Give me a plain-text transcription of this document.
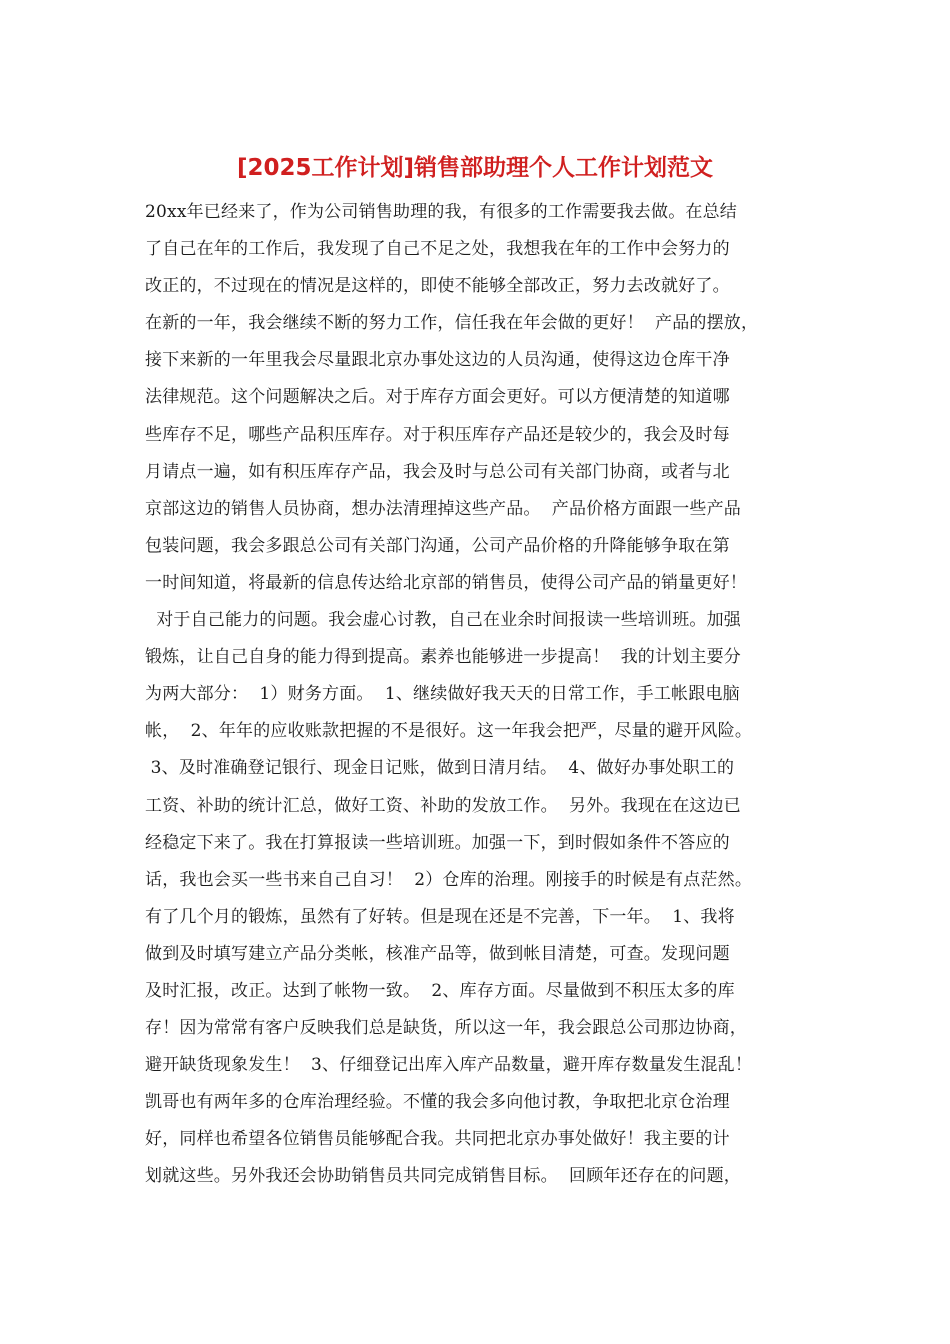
[2025工作计划]销售部助理个人工作计划范文
20xx年已经来了，作为公司销售助理的我，有很多的工作需要我去做。在总结
了自己在年的工作后，我发现了自己不足之处，我想我在年的工作中会努力的
改正的，不过现在的情况是这样的，即使不能够全部改正，努力去改就好了。
在新的一年，我会继续不断的努力工作，信任我在年会做的更好！  产品的摆放，
接下来新的一年里我会尽量跟北京办事处这边的人员沟通，使得这边仓库干净
法律规范。这个问题解决之后。对于库存方面会更好。可以方便清楚的知道哪
些库存不足，哪些产品积压库存。对于积压库存产品还是较少的，我会及时每
月请点一遍，如有积压库存产品，我会及时与总公司有关部门协商，或者与北
京部这边的销售人员协商，想办法清理掉这些产品。  产品价格方面跟一些产品
包装问题，我会多跟总公司有关部门沟通，公司产品价格的升降能够争取在第
一时间知道，将最新的信息传达给北京部的销售员，使得公司产品的销量更好！
对于自己能力的问题。我会虚心讨教，自己在业余时间报读一些培训班。加强
锻炼，让自己自身的能力得到提高。素养也能够进一步提高！  我的计划主要分
为两大部分：  1）财务方面。  1、继续做好我天天的日常工作，手工帐跟电脑
帐，  2、年年的应收账款把握的不是很好。这一年我会把严，尽量的避开风险。
3、及时准确登记银行、现金日记账，做到日清月结。  4、做好办事处职工的
工资、补助的统计汇总，做好工资、补助的发放工作。  另外。我现在在这边已
经稳定下来了。我在打算报读一些培训班。加强一下，到时假如条件不答应的
话，我也会买一些书来自己自习！  2）仓库的治理。刚接手的时候是有点茫然。
有了几个月的锻炼，虽然有了好转。但是现在还是不完善，下一年。  1、我将
做到及时填写建立产品分类帐，核准产品等，做到帐目清楚，可查。发现问题
及时汇报，改正。达到了帐物一致。  2、库存方面。尽量做到不积压太多的库
存！因为常常有客户反映我们总是缺货，所以这一年，我会跟总公司那边协商，
避开缺货现象发生！  3、仔细登记出库入库产品数量，避开库存数量发生混乱！
凯哥也有两年多的仓库治理经验。不懂的我会多向他讨教，争取把北京仓治理
好，同样也希望各位销售员能够配合我。共同把北京办事处做好！我主要的计
划就这些。另外我还会协助销售员共同完成销售目标。  回顾年还存在的问题，
